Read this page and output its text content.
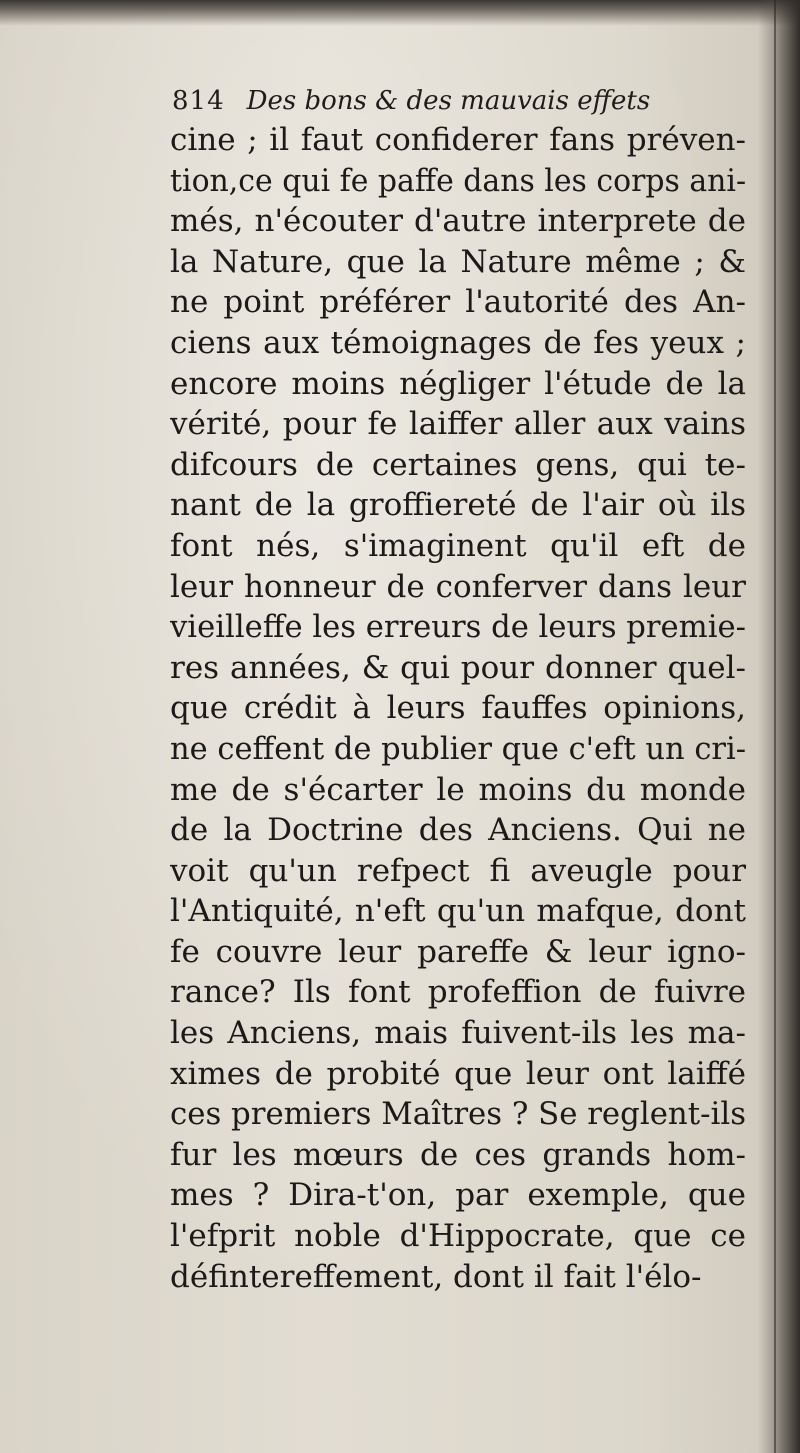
814 Des bons & des mauvais effets
cine ; il faut confiderer fans préven-
tion,ce qui fe paffe dans les corps ani-
més, n'écouter d'autre interprete de
la Nature, que la Nature même ; &
ne point préférer l'autorité des An-
ciens aux témoignages de fes yeux ;
encore moins négliger l'étude de la
vérité, pour fe laiffer aller aux vains
difcours de certaines gens, qui te-
nant de la groffiereté de l'air où ils
font nés, s'imaginent qu'il eft de
leur honneur de conferver dans leur
vieilleffe les erreurs de leurs premie-
res années, & qui pour donner quel-
que crédit à leurs fauffes opinions,
ne ceffent de publier que c'eft un cri-
me de s'écarter le moins du monde
de la Doctrine des Anciens. Qui ne
voit qu'un refpect fi aveugle pour
l'Antiquité, n'eft qu'un mafque, dont
fe couvre leur pareffe & leur igno-
rance? Ils font profeffion de fuivre
les Anciens, mais fuivent-ils les ma-
ximes de probité que leur ont laiffé
ces premiers Maîtres ? Se reglent-ils
fur les mœurs de ces grands hom-
mes ? Dira-t'on, par exemple, que
l'efprit noble d'Hippocrate, que ce
défintereffement, dont il fait l'élo-
